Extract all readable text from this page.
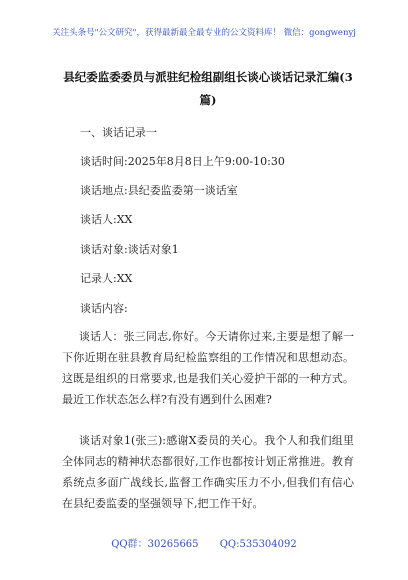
关注头条号"公文研究"，获得最新最全最专业的公文资料库！ 微信：gongwenyj
县纪委监委委员与派驻纪检组副组长谈心谈话记录汇编(3篇)
一、谈话记录一
谈话时间:2025年8月8日上午9:00-10:30
谈话地点:县纪委监委第一谈话室
谈话人:XX
谈话对象:谈话对象1
记录人:XX
谈话内容:
谈话人：张三同志,你好。今天请你过来,主要是想了解一下你近期在驻县教育局纪检监察组的工作情况和思想动态。这既是组织的日常要求,也是我们关心爱护干部的一种方式。最近工作状态怎么样?有没有遇到什么困难?
谈话对象1(张三):感谢X委员的关心。我个人和我们组里全体同志的精神状态都很好,工作也都按计划正常推进。教育系统点多面广战线长,监督工作确实压力不小,但我们有信心在县纪委监委的坚强领导下,把工作干好。
QQ群：30265665 QQ:535304092
